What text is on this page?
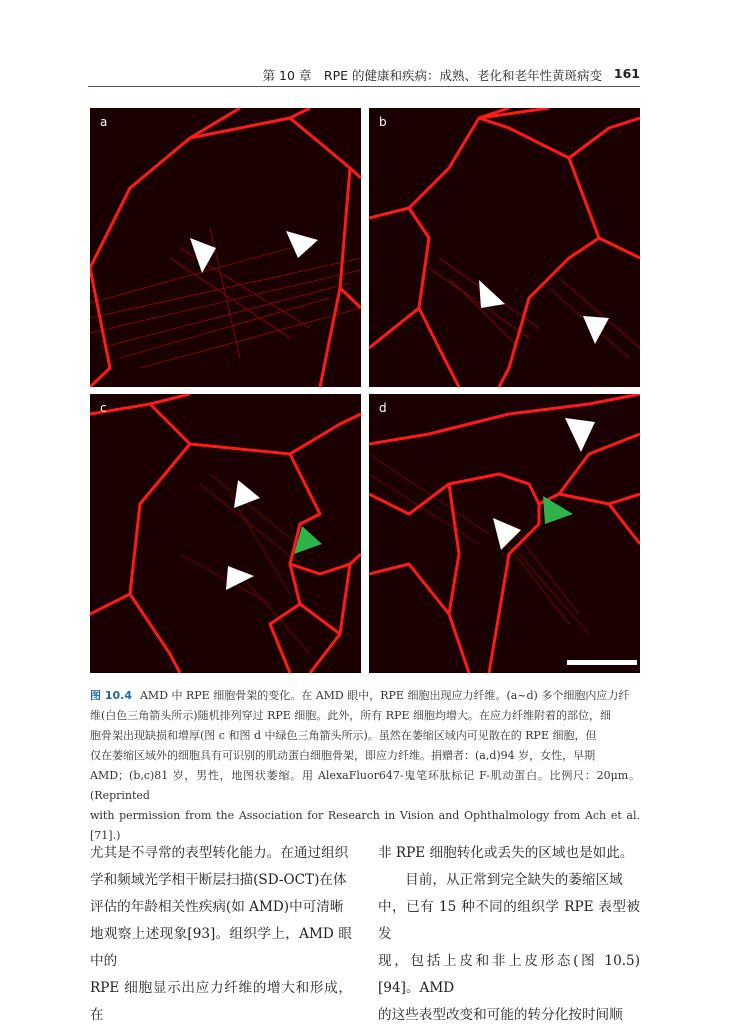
第 10 章　RPE 的健康和疾病：成熟、老化和老年性黄斑病变 161
a	b
c	d
图 10.4 AMD 中 RPE 细胞骨架的变化。在 AMD 眼中，RPE 细胞出现应力纤维。(a~d) 多个细胞内应力纤
维(白色三角箭头所示)随机排列穿过 RPE 细胞。此外，所有 RPE 细胞均增大。在应力纤维附着的部位，细
胞骨架出现缺损和增厚(图 c 和图 d 中绿色三角箭头所示)。虽然在萎缩区域内可见散在的 RPE 细胞，但
仅在萎缩区域外的细胞具有可识别的肌动蛋白细胞骨架，即应力纤维。捐赠者：(a,d)94 岁，女性，早期
AMD；(b,c)81 岁，男性，地图状萎缩。用 AlexaFluor647-鬼笔环肽标记 F-肌动蛋白。比例尺：20μm。(Reprinted
with permission from the Association for Research in Vision and Ophthalmology from Ach et al. [71].)
尤其是不寻常的表型转化能力。在通过组织
学和频域光学相干断层扫描(SD-OCT)在体
评估的年龄相关性疾病(如 AMD)中可清晰
地观察上述现象[93]。组织学上，AMD 眼中的
RPE 细胞显示出应力纤维的增大和形成，在
非 RPE 细胞转化或丢失的区域也是如此。
　　目前，从正常到完全缺失的萎缩区域
中，已有 15 种不同的组织学 RPE 表型被发
现，包括上皮和非上皮形态(图 10.5)[94]。AMD
的这些表型改变和可能的转分化按时间顺
